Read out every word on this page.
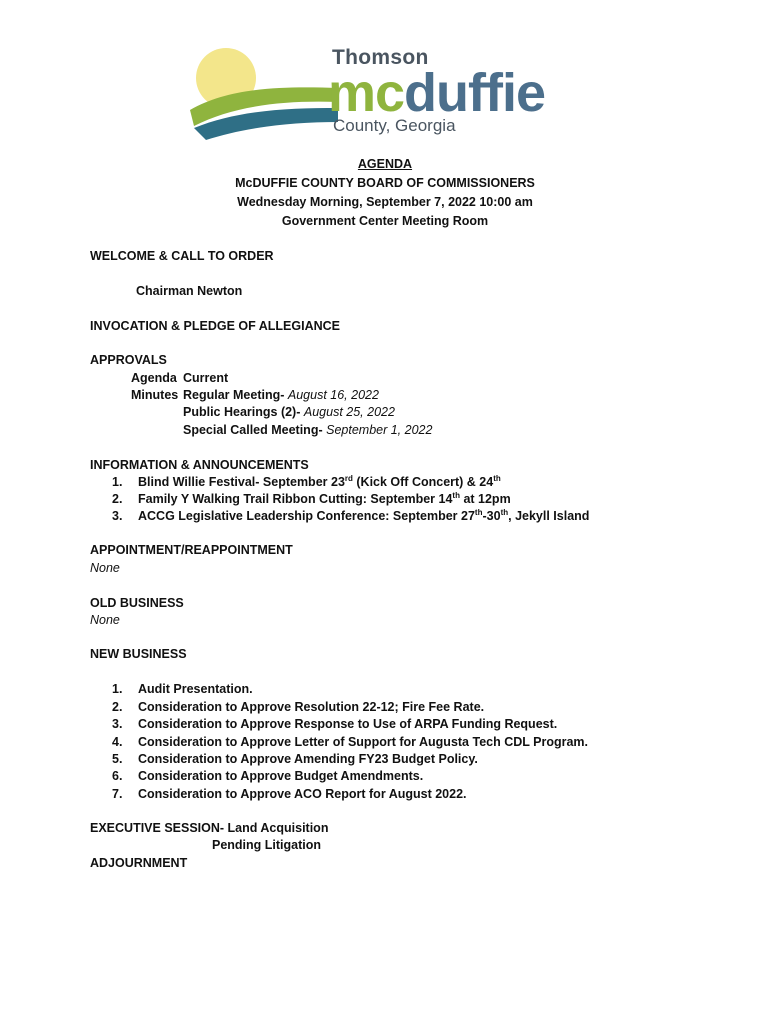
Thomson
mcduffie
County, Georgia
AGENDA
McDUFFIE COUNTY BOARD OF COMMISSIONERS
Wednesday Morning, September 7, 2022 10:00 am
Government Center Meeting Room
WELCOME & CALL TO ORDER
Chairman Newton
INVOCATION & PLEDGE OF ALLEGIANCE
APPROVALS
Agenda Current
Minutes Regular Meeting- August 16, 2022
Public Hearings (2)- August 25, 2022
Special Called Meeting- September 1, 2022
INFORMATION & ANNOUNCEMENTS
1. Blind Willie Festival- September 23rd (Kick Off Concert) & 24th
2. Family Y Walking Trail Ribbon Cutting: September 14th at 12pm
3. ACCG Legislative Leadership Conference: September 27th-30th, Jekyll Island
APPOINTMENT/REAPPOINTMENT
None
OLD BUSINESS
None
NEW BUSINESS
1. Audit Presentation.
2. Consideration to Approve Resolution 22-12; Fire Fee Rate.
3. Consideration to Approve Response to Use of ARPA Funding Request.
4. Consideration to Approve Letter of Support for Augusta Tech CDL Program.
5. Consideration to Approve Amending FY23 Budget Policy.
6. Consideration to Approve Budget Amendments.
7. Consideration to Approve ACO Report for August 2022.
EXECUTIVE SESSION- Land Acquisition
Pending Litigation
ADJOURNMENT
